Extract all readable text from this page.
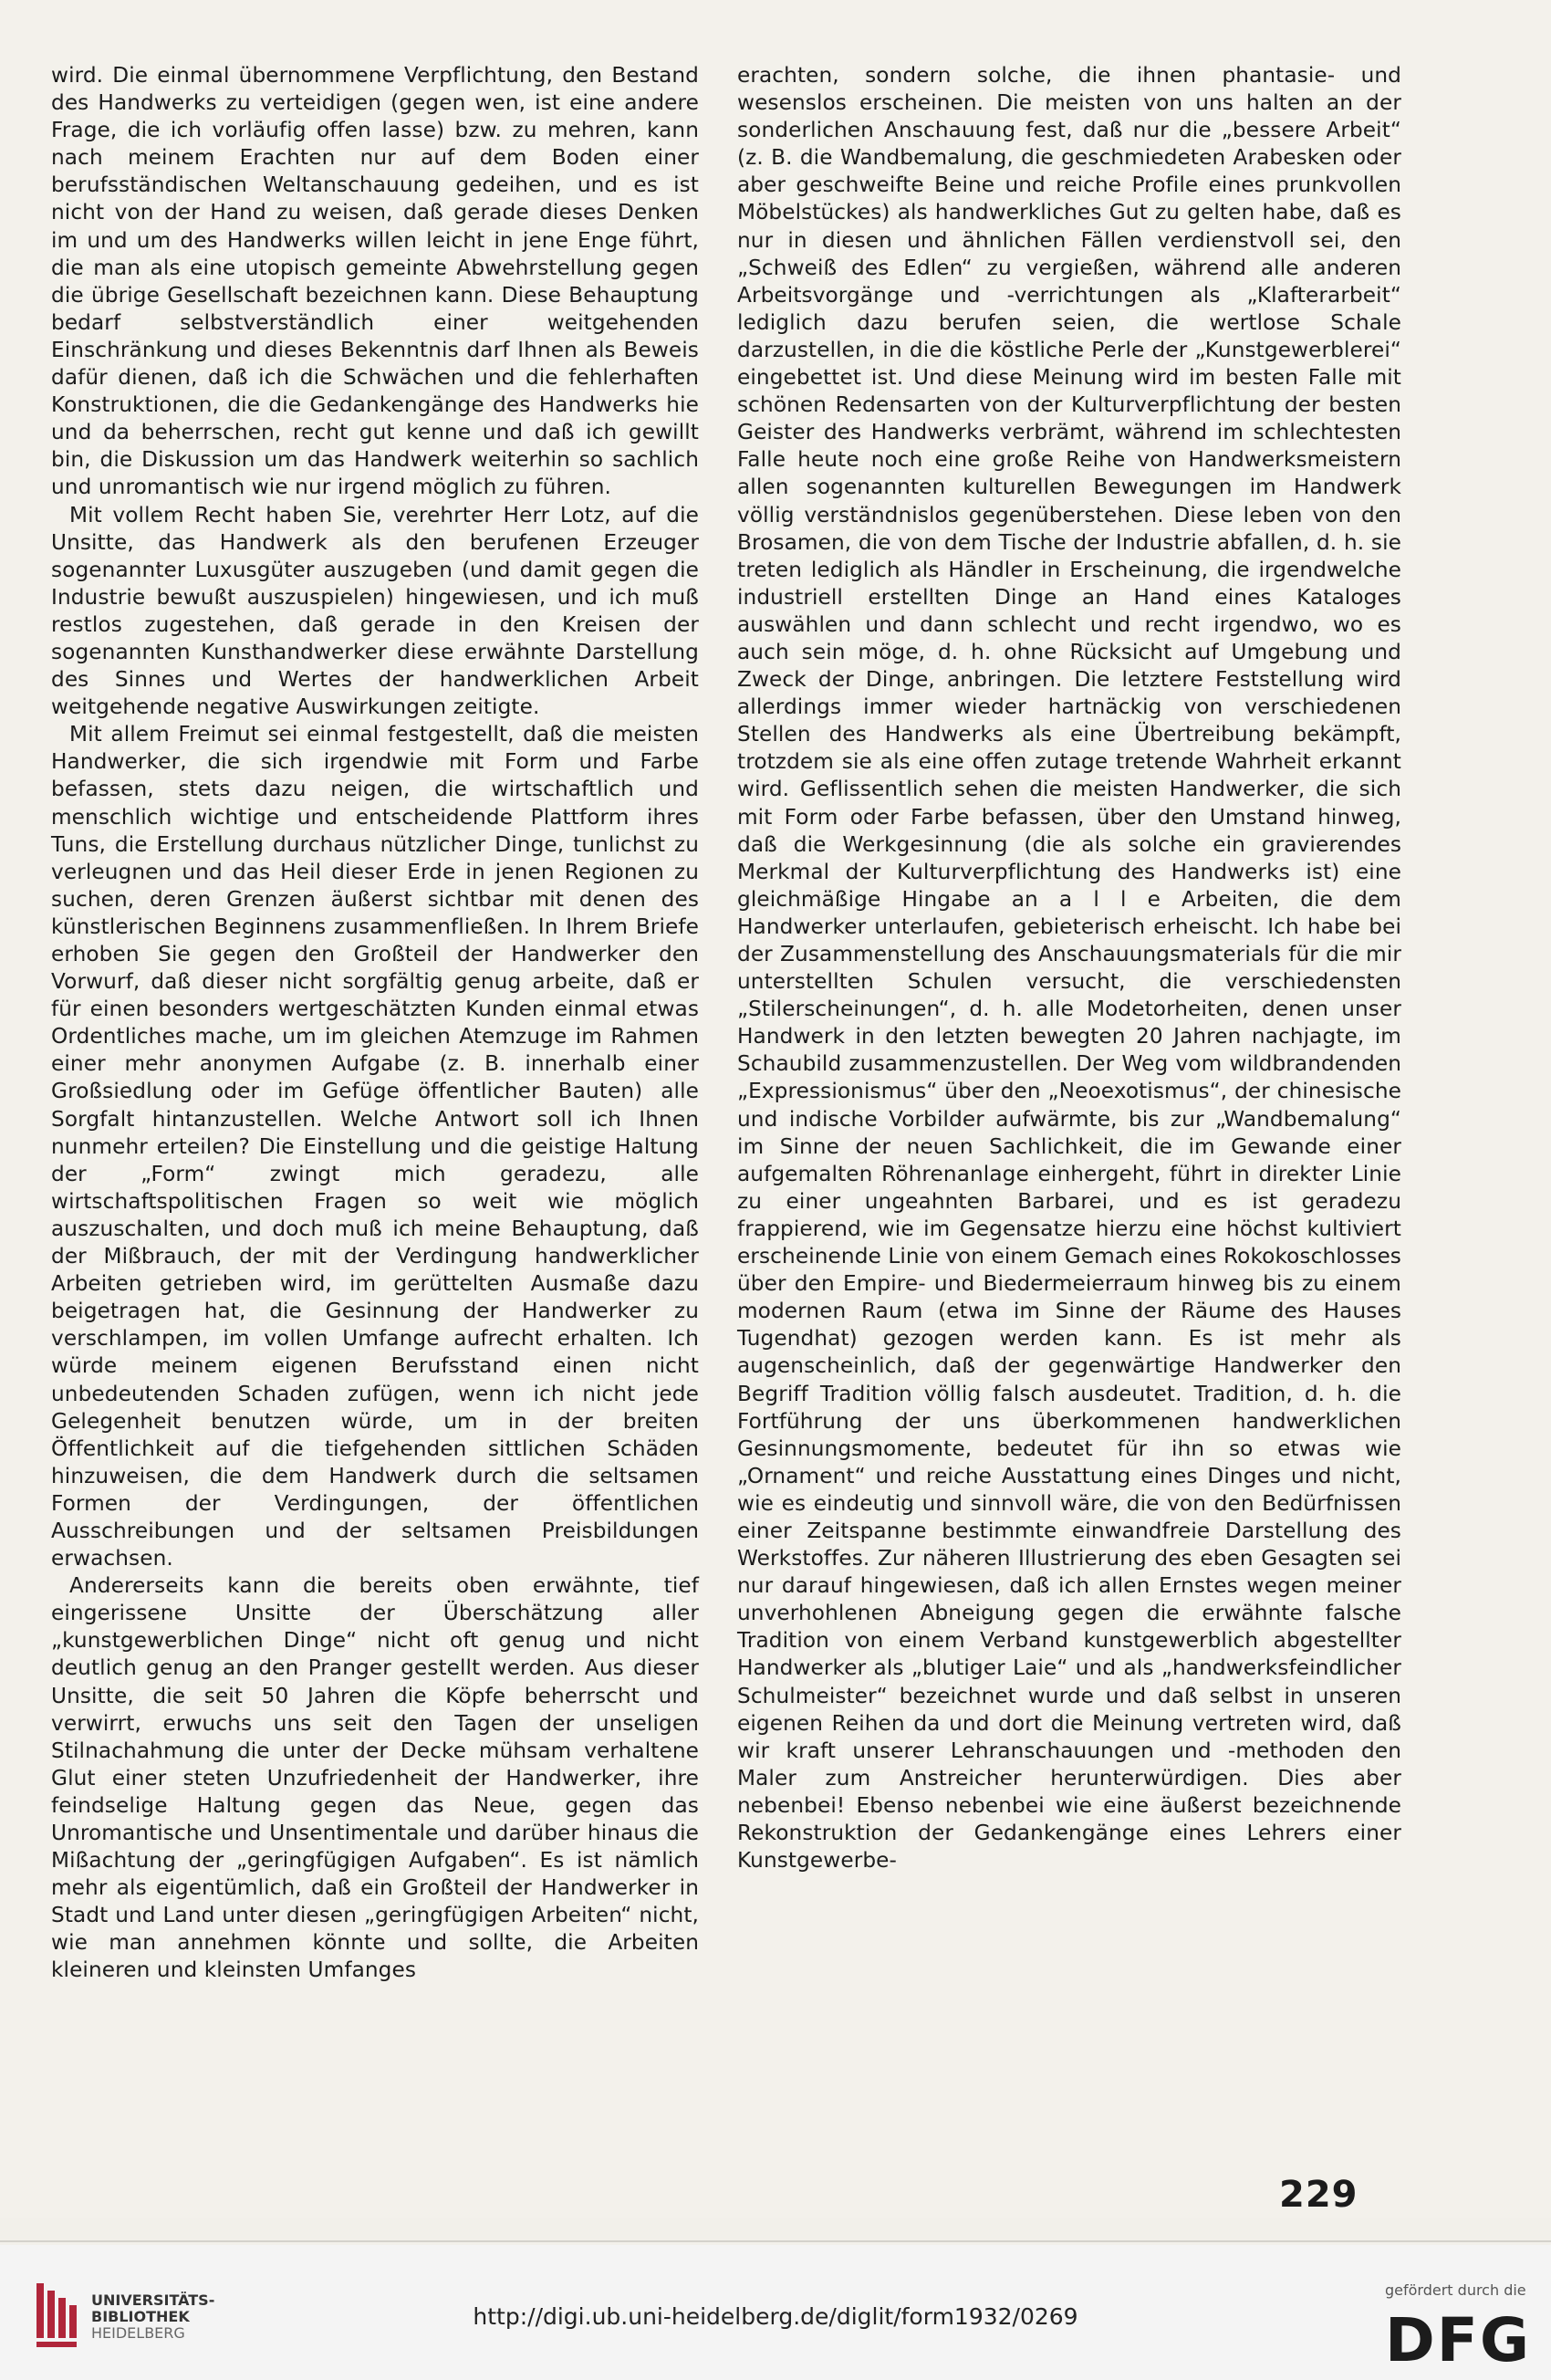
wird. Die einmal übernommene Verpflichtung, den Bestand des Handwerks zu verteidigen (gegen wen, ist eine andere Frage, die ich vorläufig offen lasse) bzw. zu mehren, kann nach meinem Erachten nur auf dem Boden einer berufsständischen Weltanschauung gedeihen, und es ist nicht von der Hand zu weisen, daß gerade dieses Denken im und um des Handwerks willen leicht in jene Enge führt, die man als eine utopisch gemeinte Abwehrstellung gegen die übrige Gesellschaft bezeichnen kann. Diese Behauptung bedarf selbstverständlich einer weitgehenden Einschränkung und dieses Bekenntnis darf Ihnen als Beweis dafür dienen, daß ich die Schwächen und die fehlerhaften Konstruktionen, die die Gedankengänge des Handwerks hie und da beherrschen, recht gut kenne und daß ich gewillt bin, die Diskussion um das Handwerk weiterhin so sachlich und unromantisch wie nur irgend möglich zu führen.

Mit vollem Recht haben Sie, verehrter Herr Lotz, auf die Unsitte, das Handwerk als den berufenen Erzeuger sogenannter Luxusgüter auszugeben (und damit gegen die Industrie bewußt auszuspielen) hingewiesen, und ich muß restlos zugestehen, daß gerade in den Kreisen der sogenannten Kunsthandwerker diese erwähnte Darstellung des Sinnes und Wertes der handwerklichen Arbeit weitgehende negative Auswirkungen zeitigte.

Mit allem Freimut sei einmal festgestellt, daß die meisten Handwerker, die sich irgendwie mit Form und Farbe befassen, stets dazu neigen, die wirtschaftlich und menschlich wichtige und entscheidende Plattform ihres Tuns, die Erstellung durchaus nützlicher Dinge, tunlichst zu verleugnen und das Heil dieser Erde in jenen Regionen zu suchen, deren Grenzen äußerst sichtbar mit denen des künstlerischen Beginnens zusammenfließen. In Ihrem Briefe erhoben Sie gegen den Großteil der Handwerker den Vorwurf, daß dieser nicht sorgfältig genug arbeite, daß er für einen besonders wertgeschätzten Kunden einmal etwas Ordentliches mache, um im gleichen Atemzuge im Rahmen einer mehr anonymen Aufgabe (z. B. innerhalb einer Großsiedlung oder im Gefüge öffentlicher Bauten) alle Sorgfalt hintanzustellen. Welche Antwort soll ich Ihnen nunmehr erteilen? Die Einstellung und die geistige Haltung der „Form“ zwingt mich geradezu, alle wirtschaftspolitischen Fragen so weit wie möglich auszuschalten, und doch muß ich meine Behauptung, daß der Mißbrauch, der mit der Verdingung handwerklicher Arbeiten getrieben wird, im gerüttelten Ausmaße dazu beigetragen hat, die Gesinnung der Handwerker zu verschlampen, im vollen Umfange aufrecht erhalten. Ich würde meinem eigenen Berufsstand einen nicht unbedeutenden Schaden zufügen, wenn ich nicht jede Gelegenheit benutzen würde, um in der breiten Öffentlichkeit auf die tiefgehenden sittlichen Schäden hinzuweisen, die dem Handwerk durch die seltsamen Formen der Verdingungen, der öffentlichen Ausschreibungen und der seltsamen Preisbildungen erwachsen.

Andererseits kann die bereits oben erwähnte, tief eingerissene Unsitte der Überschätzung aller „kunstgewerblichen Dinge“ nicht oft genug und nicht deutlich genug an den Pranger gestellt werden. Aus dieser Unsitte, die seit 50 Jahren die Köpfe beherrscht und verwirrt, erwuchs uns seit den Tagen der unseligen Stilnachahmung die unter der Decke mühsam verhaltene Glut einer steten Unzufriedenheit der Handwerker, ihre feindselige Haltung gegen das Neue, gegen das Unromantische und Unsentimentale und darüber hinaus die Mißachtung der „geringfügigen Aufgaben“. Es ist nämlich mehr als eigentümlich, daß ein Großteil der Handwerker in Stadt und Land unter diesen „geringfügigen Arbeiten“ nicht, wie man annehmen könnte und sollte, die Arbeiten kleineren und kleinsten Umfanges

erachten, sondern solche, die ihnen phantasie- und wesenslos erscheinen. Die meisten von uns halten an der sonderlichen Anschauung fest, daß nur die „bessere Arbeit“ (z. B. die Wandbemalung, die geschmiedeten Arabesken oder aber geschweifte Beine und reiche Profile eines prunkvollen Möbelstückes) als handwerkliches Gut zu gelten habe, daß es nur in diesen und ähnlichen Fällen verdienstvoll sei, den „Schweiß des Edlen“ zu vergießen, während alle anderen Arbeitsvorgänge und -verrichtungen als „Klafterarbeit“ lediglich dazu berufen seien, die wertlose Schale darzustellen, in die die köstliche Perle der „Kunstgewerblerei“ eingebettet ist. Und diese Meinung wird im besten Falle mit schönen Redensarten von der Kulturverpflichtung der besten Geister des Handwerks verbrämt, während im schlechtesten Falle heute noch eine große Reihe von Handwerksmeistern allen sogenannten kulturellen Bewegungen im Handwerk völlig verständnislos gegenüberstehen. Diese leben von den Brosamen, die von dem Tische der Industrie abfallen, d. h. sie treten lediglich als Händler in Erscheinung, die irgendwelche industriell erstellten Dinge an Hand eines Kataloges auswählen und dann schlecht und recht irgendwo, wo es auch sein möge, d. h. ohne Rücksicht auf Umgebung und Zweck der Dinge, anbringen. Die letztere Feststellung wird allerdings immer wieder hartnäckig von verschiedenen Stellen des Handwerks als eine Übertreibung bekämpft, trotzdem sie als eine offen zutage tretende Wahrheit erkannt wird. Geflissentlich sehen die meisten Handwerker, die sich mit Form oder Farbe befassen, über den Umstand hinweg, daß die Werkgesinnung (die als solche ein gravierendes Merkmal der Kulturverpflichtung des Handwerks ist) eine gleichmäßige Hingabe an a l l e Arbeiten, die dem Handwerker unterlaufen, gebieterisch erheischt. Ich habe bei der Zusammenstellung des Anschauungsmaterials für die mir unterstellten Schulen versucht, die verschiedensten „Stilerscheinungen“, d. h. alle Modetorheiten, denen unser Handwerk in den letzten bewegten 20 Jahren nachjagte, im Schaubild zusammenzustellen. Der Weg vom wildbrandenden „Expressionismus“ über den „Neoexotismus“, der chinesische und indische Vorbilder aufwärmte, bis zur „Wandbemalung“ im Sinne der neuen Sachlichkeit, die im Gewande einer aufgemalten Röhrenanlage einhergeht, führt in direkter Linie zu einer ungeahnten Barbarei, und es ist geradezu frappierend, wie im Gegensatze hierzu eine höchst kultiviert erscheinende Linie von einem Gemach eines Rokokoschlosses über den Empire- und Biedermeierraum hinweg bis zu einem modernen Raum (etwa im Sinne der Räume des Hauses Tugendhat) gezogen werden kann. Es ist mehr als augenscheinlich, daß der gegenwärtige Handwerker den Begriff Tradition völlig falsch ausdeutet. Tradition, d. h. die Fortführung der uns überkommenen handwerklichen Gesinnungsmomente, bedeutet für ihn so etwas wie „Ornament“ und reiche Ausstattung eines Dinges und nicht, wie es eindeutig und sinnvoll wäre, die von den Bedürfnissen einer Zeitspanne bestimmte einwandfreie Darstellung des Werkstoffes. Zur näheren Illustrierung des eben Gesagten sei nur darauf hingewiesen, daß ich allen Ernstes wegen meiner unverhohlenen Abneigung gegen die erwähnte falsche Tradition von einem Verband kunstgewerblich abgestellter Handwerker als „blutiger Laie“ und als „handwerksfeindlicher Schulmeister“ bezeichnet wurde und daß selbst in unseren eigenen Reihen da und dort die Meinung vertreten wird, daß wir kraft unserer Lehranschauungen und -methoden den Maler zum Anstreicher herunterwürdigen. Dies aber nebenbei! Ebenso nebenbei wie eine äußerst bezeichnende Rekonstruktion der Gedankengänge eines Lehrers einer Kunstgewerbe-

229
UNIVERSITÄTS-
BIBLIOTHEK
HEIDELBERG
http://digi.ub.uni-heidelberg.de/diglit/form1932/0269
gefördert durch die
DFG
